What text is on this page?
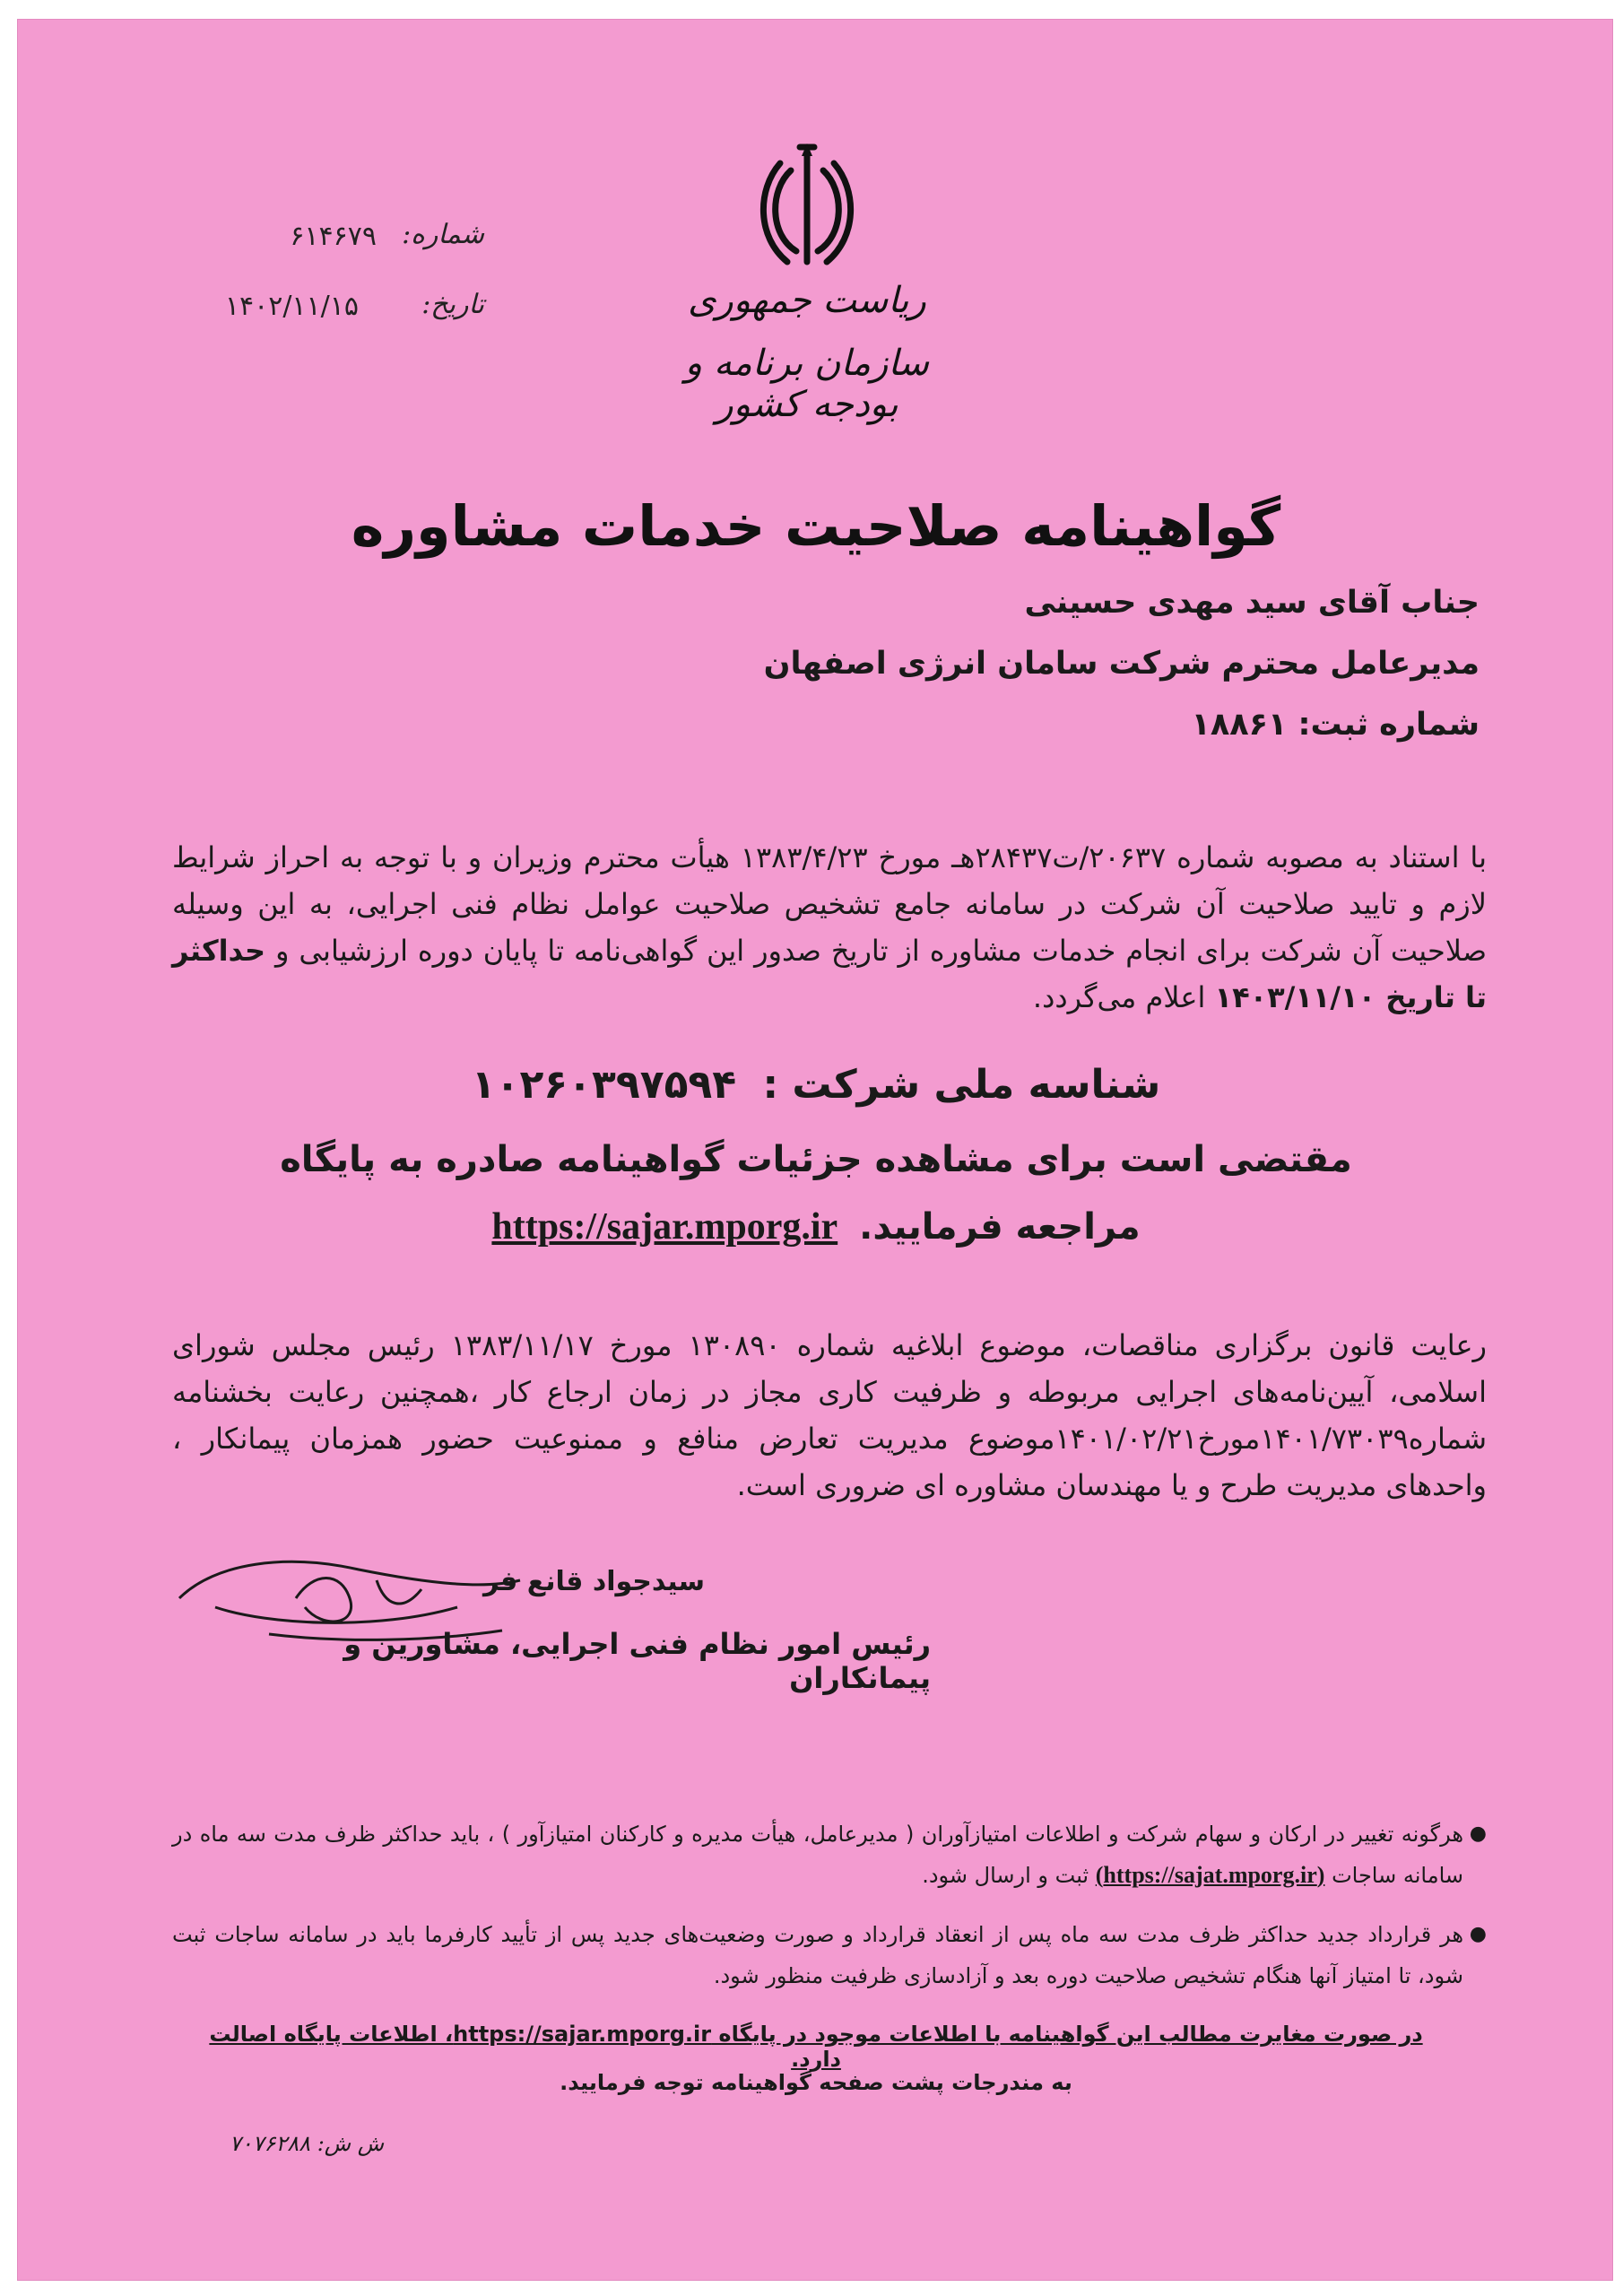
شماره:
۶۱۴۶۷۹
تاریخ:
۱۴۰۲/۱۱/۱۵	ریاست جمهوری
سازمان برنامه و بودجه کشور
گواهینامه صلاحیت خدمات مشاوره
جناب آقای سید مهدی حسینی
مدیرعامل محترم شرکت سامان انرژی اصفهان
شماره ثبت: ۱۸۸۶۱
با استناد به مصوبه شماره ۲۰۶۳۷/ت۲۸۴۳۷هـ مورخ ۱۳۸۳/۴/۲۳ هیأت محترم وزیران و با توجه به احراز شرایط لازم و تایید صلاحیت آن شرکت در سامانه جامع تشخیص صلاحیت عوامل نظام فنی اجرایی، به این وسیله صلاحیت آن شرکت برای انجام خدمات مشاوره از تاریخ صدور این گواهی‌نامه تا پایان دوره ارزشیابی و حداکثر تا تاریخ ۱۴۰۳/۱۱/۱۰ اعلام می‌گردد.
شناسه ملی شرکت : ۱۰۲۶۰۳۹۷۵۹۴
مقتضی است برای مشاهده جزئیات گواهینامه صادره به پایگاه
مراجعه فرمایید. https://sajar.mporg.ir
رعایت قانون برگزاری مناقصات، موضوع ابلاغیه شماره ۱۳۰۸۹۰ مورخ ۱۳۸۳/۱۱/۱۷ رئیس مجلس شورای اسلامی، آیین‌نامه‌های اجرایی مربوطه و ظرفیت کاری مجاز در زمان ارجاع کار ،همچنین رعایت بخشنامه شماره۱۴۰۱/۷۳۰۳۹مورخ۱۴۰۱/۰۲/۲۱موضوع مدیریت تعارض منافع و ممنوعیت حضور همزمان پیمانکار ، واحدهای مدیریت طرح و یا مهندسان مشاوره ای ضروری است.
سیدجواد قانع فر
رئیس امور نظام فنی اجرایی، مشاورین و پیمانکاران
●
هرگونه تغییر در ارکان و سهام شرکت و اطلاعات امتیازآوران ( مدیرعامل، هیأت مدیره و کارکنان امتیازآور ) ، باید حداکثر ظرف مدت سه ماه در سامانه ساجات (https://sajat.mporg.ir) ثبت و ارسال شود.
●
هر قرارداد جدید حداکثر ظرف مدت سه ماه پس از انعقاد قرارداد و صورت وضعیت‌های جدید پس از تأیید کارفرما باید در سامانه ساجات ثبت شود، تا امتیاز آنها هنگام تشخیص صلاحیت دوره بعد و آزادسازی ظرفیت منظور شود.
در صورت مغایرت مطالب این گواهینامه با اطلاعات موجود در پایگاه https://sajar.mporg.ir، اطلاعات پایگاه اصالت دارد.
به مندرجات پشت صفحه گواهینامه توجه فرمایید.
ش ش: ۷۰۷۶۲۸۸
